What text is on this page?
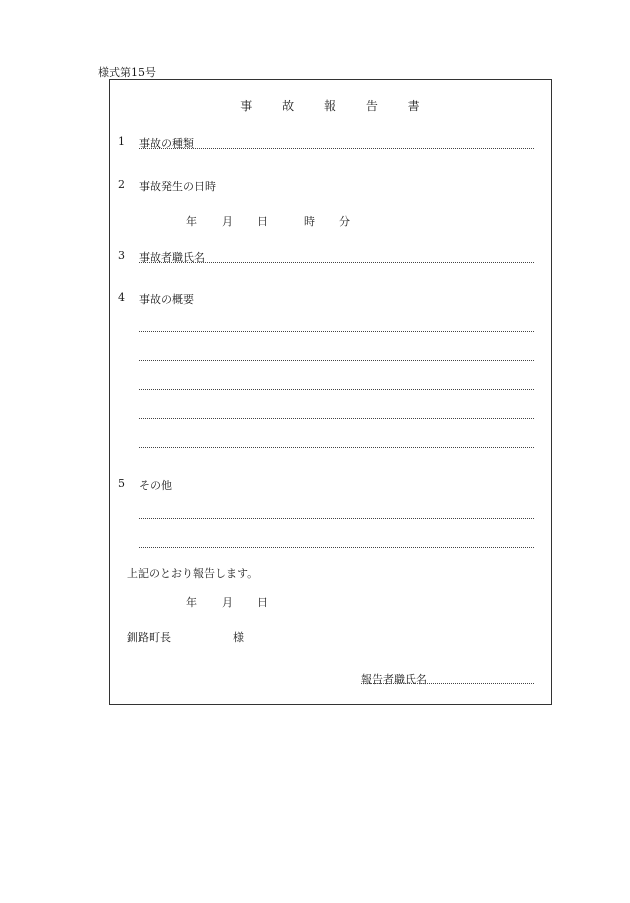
様式第15号
事 故 報 告 書
1 事故の種類
2 事故発生の日時
年 月 日	時 分
3 事故者職氏名
4 事故の概要
5 その他
上記のとおり報告します。
年 月 日
釧路町長	様
報告者職氏名
